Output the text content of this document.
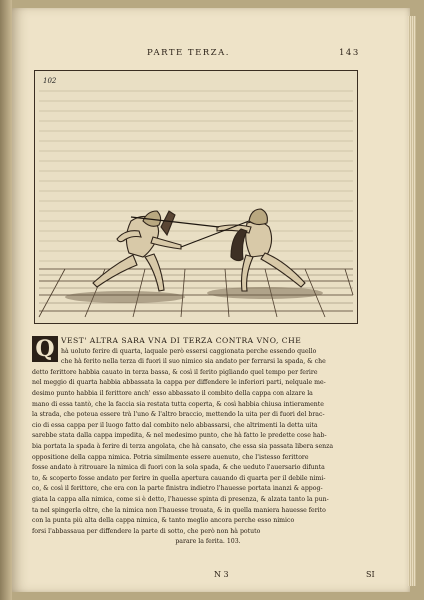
PARTE TERZA.	143
102
Q VEST' ALTRA SARA VNA DI TERZA CONTRA VNO, CHE
hà uoluto ferire di quarta, laquale però essersi caggionata perche essendo quello
che hà ferito nella terza di fuori il suo nimico sia andato per ferrarsi la spada, & che
detto ferittore habbia cauato in terza bassa, & così il ferito pigliando quel tempo per ferire
nel meggio di quarta habbia abbassata la cappa per diffendere le inferiori parti, nelquale me-
desimo punto habbia il ferittore anch' esso abbassato il combito della cappa con alzare la
mano di essa tantò, che la faccia sia restata tutta coperta, & così habbia chiusa intieramente
la strada, che poteua essere trà l'uno & l'altro braccio, mettendo la uita per di fuori del brac-
cio di essa cappa per il luogo fatto dal combito nelo abbassarsi, che altrimenti la detta uita
sarebbe stata dalla cappa impedita, & nel medesimo punto, che hà fatto le predette cose hab-
bia portata la spada à ferire di terza angolata, che hà cansato, che essa sia passata libera senza
oppositione della cappa nimica. Potria similmente essere auenuto, che l'istesso ferittore
fosse andato à ritrouare la nimica di fuori con la sola spada, & che ueduto l'auersario difunta
to, & scoperto fosse andato per ferire in quella apertura cauando di quarta per il debile nimi-
co, & così il ferittore, che era con la parte finistra indietro l'hauesse portata inanzi & appog-
giata la cappa alla nimica, come si è detto, l'hauesse spinta di presenza, & alzata tanto la pun-
ta nel spingerla oltre, che la nimica non l'hauesse trouata, & in quella maniera hauesse ferito
con la punta più alta della cappa nimica, & tanto meglio ancora perche esso nimico
forsi l'abbassaua per diffendere la parte di sotto, che però non hà potuto
parare la ferita. 103.
N 3	SI
